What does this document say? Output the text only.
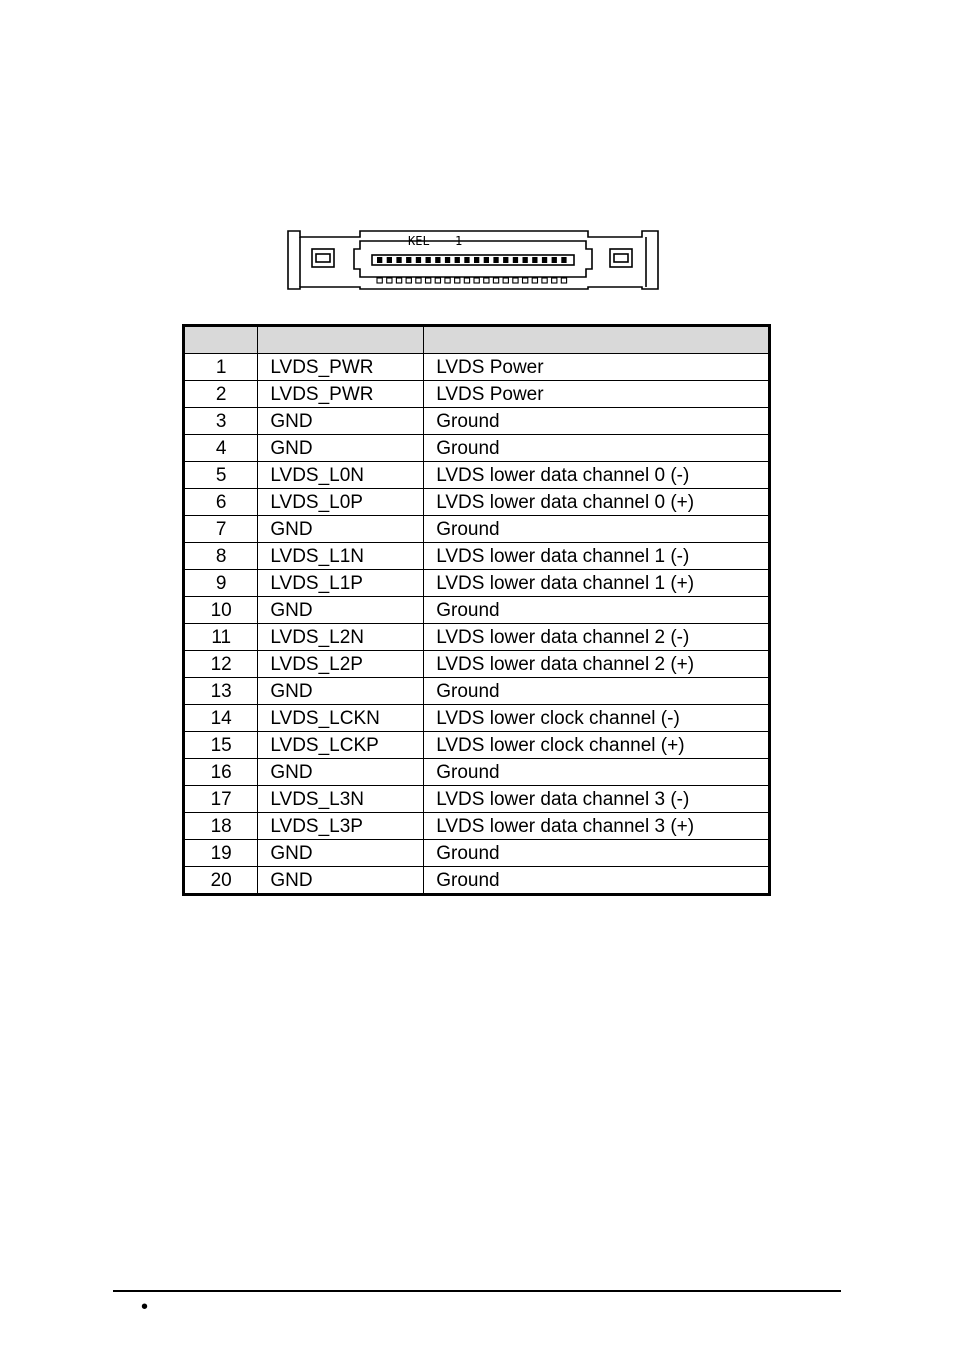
KEL 1

1	LVDS_PWR	LVDS Power
2	LVDS_PWR	LVDS Power
3	GND	Ground
4	GND	Ground
5	LVDS_L0N	LVDS lower data channel 0 (-)
6	LVDS_L0P	LVDS lower data channel 0 (+)
7	GND	Ground
8	LVDS_L1N	LVDS lower data channel 1 (-)
9	LVDS_L1P	LVDS lower data channel 1 (+)
10	GND	Ground
11	LVDS_L2N	LVDS lower data channel 2 (-)
12	LVDS_L2P	LVDS lower data channel 2 (+)
13	GND	Ground
14	LVDS_LCKN	LVDS lower clock channel (-)
15	LVDS_LCKP	LVDS lower clock channel (+)
16	GND	Ground
17	LVDS_L3N	LVDS lower data channel 3 (-)
18	LVDS_L3P	LVDS lower data channel 3 (+)
19	GND	Ground
20	GND	Ground
•
